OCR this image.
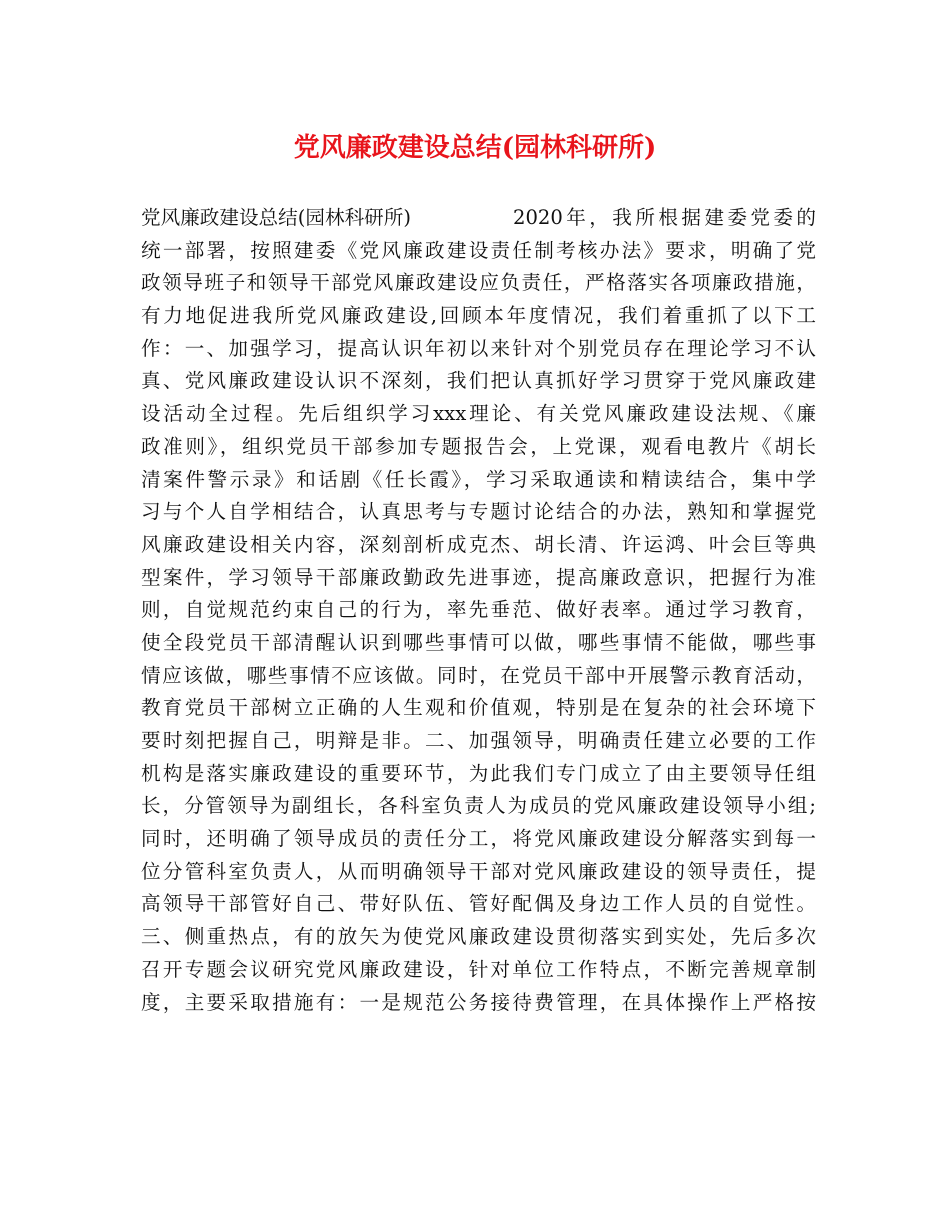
党风廉政建设总结(园林科研所)
党风廉政建设总结(园林科研所)	2020年，我所根据建委党委的
统一部署，按照建委《党风廉政建设责任制考核办法》要求，明确了党
政领导班子和领导干部党风廉政建设应负责任，严格落实各项廉政措施，
有力地促进我所党风廉政建设,回顾本年度情况，我们着重抓了以下工
作：一、加强学习，提高认识年初以来针对个别党员存在理论学习不认
真、党风廉政建设认识不深刻，我们把认真抓好学习贯穿于党风廉政建
设活动全过程。先后组织学习xxx理论、有关党风廉政建设法规、《廉
政准则》，组织党员干部参加专题报告会，上党课，观看电教片《胡长
清案件警示录》和话剧《任长霞》，学习采取通读和精读结合，集中学
习与个人自学相结合，认真思考与专题讨论结合的办法，熟知和掌握党
风廉政建设相关内容，深刻剖析成克杰、胡长清、许运鸿、叶会巨等典
型案件，学习领导干部廉政勤政先进事迹，提高廉政意识，把握行为准
则，自觉规范约束自己的行为，率先垂范、做好表率。通过学习教育，
使全段党员干部清醒认识到哪些事情可以做，哪些事情不能做，哪些事
情应该做，哪些事情不应该做。同时，在党员干部中开展警示教育活动，
教育党员干部树立正确的人生观和价值观，特别是在复杂的社会环境下
要时刻把握自己，明辩是非。二、加强领导，明确责任建立必要的工作
机构是落实廉政建设的重要环节，为此我们专门成立了由主要领导任组
长，分管领导为副组长，各科室负责人为成员的党风廉政建设领导小组;
同时，还明确了领导成员的责任分工，将党风廉政建设分解落实到每一
位分管科室负责人，从而明确领导干部对党风廉政建设的领导责任，提
高领导干部管好自己、带好队伍、管好配偶及身边工作人员的自觉性。
三、侧重热点，有的放矢为使党风廉政建设贯彻落实到实处，先后多次
召开专题会议研究党风廉政建设，针对单位工作特点，不断完善规章制
度，主要采取措施有：一是规范公务接待费管理，在具体操作上严格按
